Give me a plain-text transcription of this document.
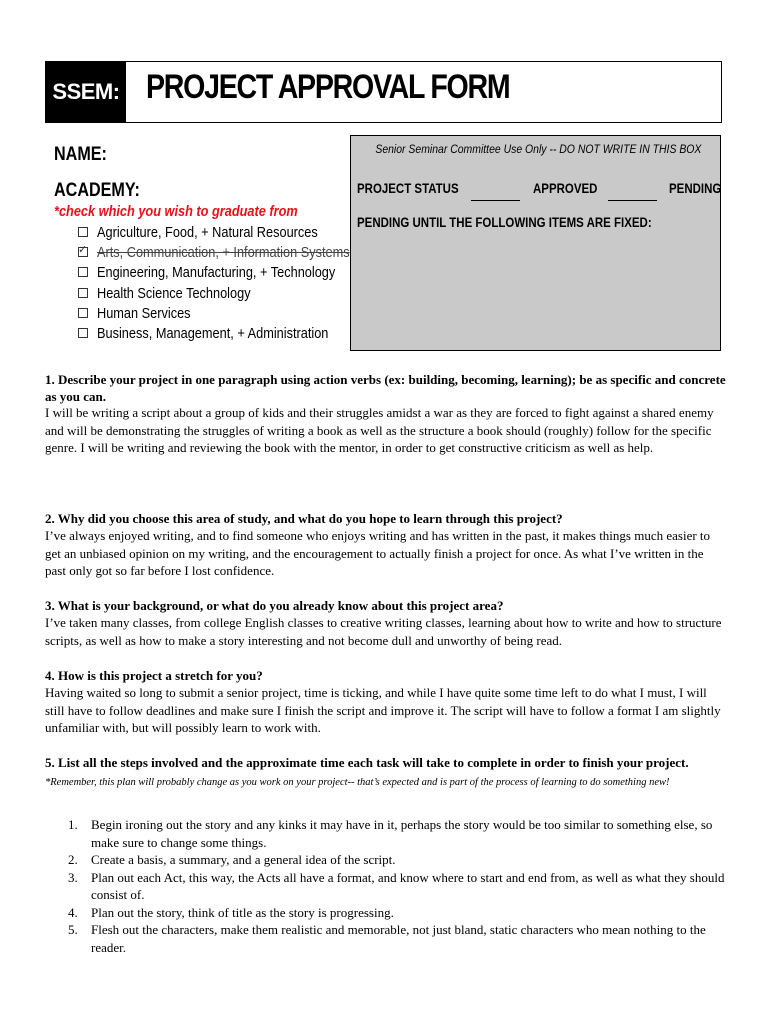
SSEM: PROJECT APPROVAL FORM
NAME:
ACADEMY:
*check which you wish to graduate from
Agriculture, Food, + Natural Resources
✓
Arts, Communication, + Information Systems
Engineering, Manufacturing, + Technology
Health Science Technology
Human Services
Business, Management, + Administration
Senior Seminar Committee Use Only -- DO NOT WRITE IN THIS BOX
PROJECT STATUS	APPROVED	PENDING
PENDING UNTIL THE FOLLOWING ITEMS ARE FIXED:
1. Describe your project in one paragraph using action verbs (ex: building, becoming, learning); be as specific and concrete as you can.
I will be writing a script about a group of kids and their struggles amidst a war as they are forced to fight against a shared enemy and will be demonstrating the struggles of writing a book as well as the structure a book should (roughly) follow for the specific genre. I will be writing and reviewing the book with the mentor, in order to get constructive criticism as well as help.
2. Why did you choose this area of study, and what do you hope to learn through this project?
I’ve always enjoyed writing, and to find someone who enjoys writing and has written in the past, it makes things much easier to get an unbiased opinion on my writing, and the encouragement to actually finish a project for once. As what I’ve written in the past only got so far before I lost confidence.
3. What is your background, or what do you already know about this project area?
I’ve taken many classes, from college English classes to creative writing classes, learning about how to write and how to structure scripts, as well as how to make a story interesting and not become dull and unworthy of being read.
4. How is this project a stretch for you?
Having waited so long to submit a senior project, time is ticking, and while I have quite some time left to do what I must, I will still have to follow deadlines and make sure I finish the script and improve it. The script will have to follow a format I am slightly unfamiliar with, but will possibly learn to work with.
5. List all the steps involved and the approximate time each task will take to complete in order to finish your project. *Remember, this plan will probably change as you work on your project-- that’s expected and is part of the process of learning to do something new!
1. Begin ironing out the story and any kinks it may have in it, perhaps the story would be too similar to something else, so make sure to change some things.
2. Create a basis, a summary, and a general idea of the script.
3. Plan out each Act, this way, the Acts all have a format, and know where to start and end from, as well as what they should consist of.
4. Plan out the story, think of title as the story is progressing.
5. Flesh out the characters, make them realistic and memorable, not just bland, static characters who mean nothing to the reader.
